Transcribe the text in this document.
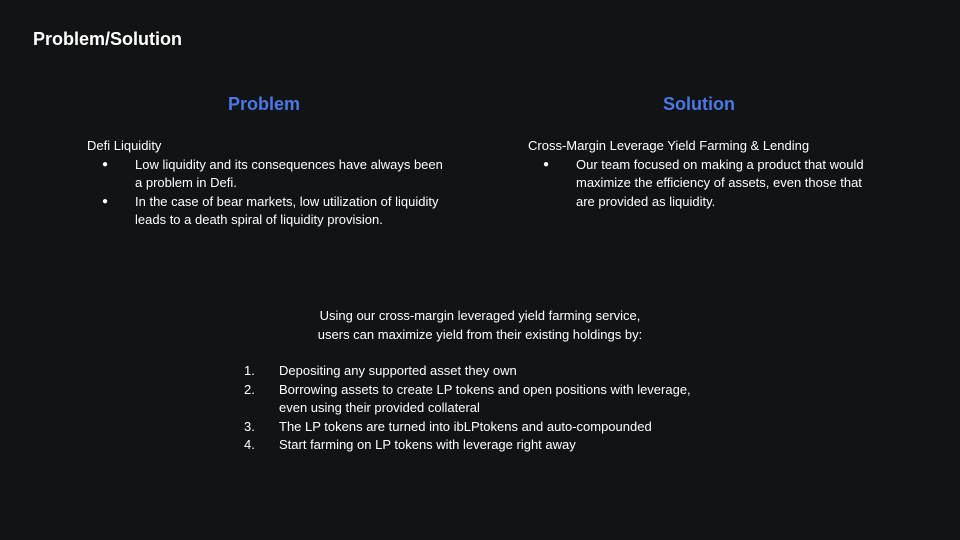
Problem/Solution
Problem	Solution
Defi Liquidity
● Low liquidity and its consequences have always been a problem in Defi.
● In the case of bear markets, low utilization of liquidity leads to a death spiral of liquidity provision.
Cross-Margin Leverage Yield Farming & Lending
● Our team focused on making a product that would maximize the efficiency of assets, even those that are provided as liquidity.
Using our cross-margin leveraged yield farming service,
users can maximize yield from their existing holdings by:
1. Depositing any supported asset they own
2. Borrowing assets to create LP tokens and open positions with leverage, even using their provided collateral
3. The LP tokens are turned into ibLPtokens and auto-compounded
4. Start farming on LP tokens with leverage right away
